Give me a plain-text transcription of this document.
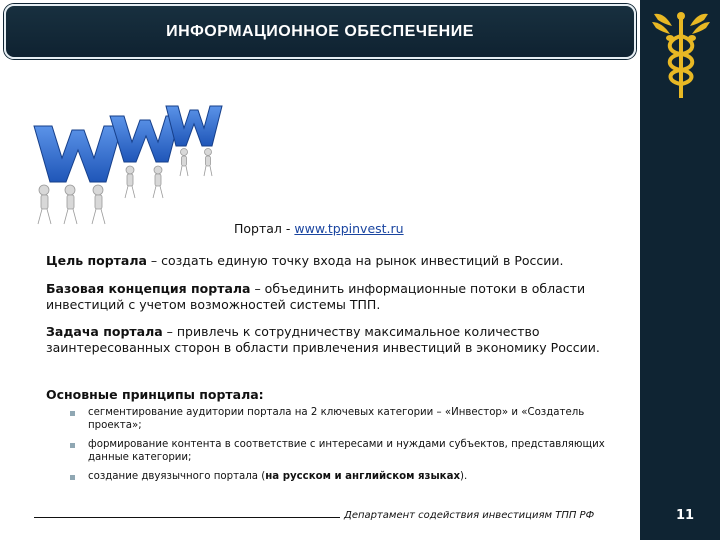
11
ИНФОРМАЦИОННОЕ ОБЕСПЕЧЕНИЕ
Портал - www.tppinvest.ru
Цель портала – создать единую точку входа на рынок инвестиций в России.
Базовая концепция портала – объединить информационные потоки в области инвестиций с учетом возможностей системы ТПП.
Задача портала – привлечь к сотрудничеству максимальное количество заинтересованных сторон в области привлечения инвестиций в экономику России.
Основные принципы портала:
сегментирование аудитории портала на 2 ключевых категории – «Инвестор» и «Создатель проекта»;
формирование контента в соответствие с интересами и нуждами субъектов, представляющих данные категории;
создание двуязычного портала (на русском и английском языках).
Департамент содействия инвестициям ТПП РФ
